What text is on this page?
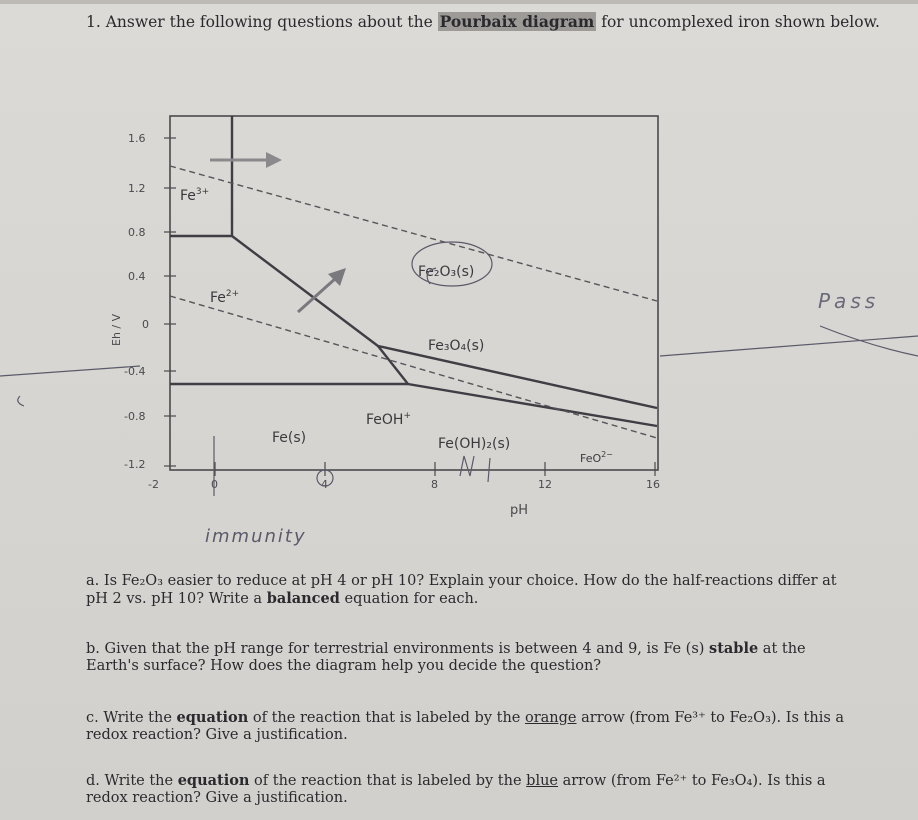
1. Answer the following questions about the Pourbaix diagram for uncomplexed iron shown below.
1.6
1.2
0.8
0.4
0
-0.4
-0.8
-1.2
Eh / V
-2	0	4	8	12	16
pH
$Fe^{3+}$
$Fe^{2+}$
Fe₂O₃(s)
Fe₃O₄(s)
FeOH+
Fe(s)	Fe(OH)₂(s)
FeO$^{2-}$
immunity
Pass
a. Is Fe₂O₃ easier to reduce at pH 4 or pH 10? Explain your choice. How do the half-reactions differ at pH 2 vs. pH 10? Write a balanced equation for each.
b. Given that the pH range for terrestrial environments is between 4 and 9, is Fe (s) stable at the Earth's surface? How does the diagram help you decide the question?
c. Write the equation of the reaction that is labeled by the orange arrow (from Fe³⁺ to Fe₂O₃). Is this a redox reaction? Give a justification.
d. Write the equation of the reaction that is labeled by the blue arrow (from Fe²⁺ to Fe₃O₄). Is this a redox reaction? Give a justification.
